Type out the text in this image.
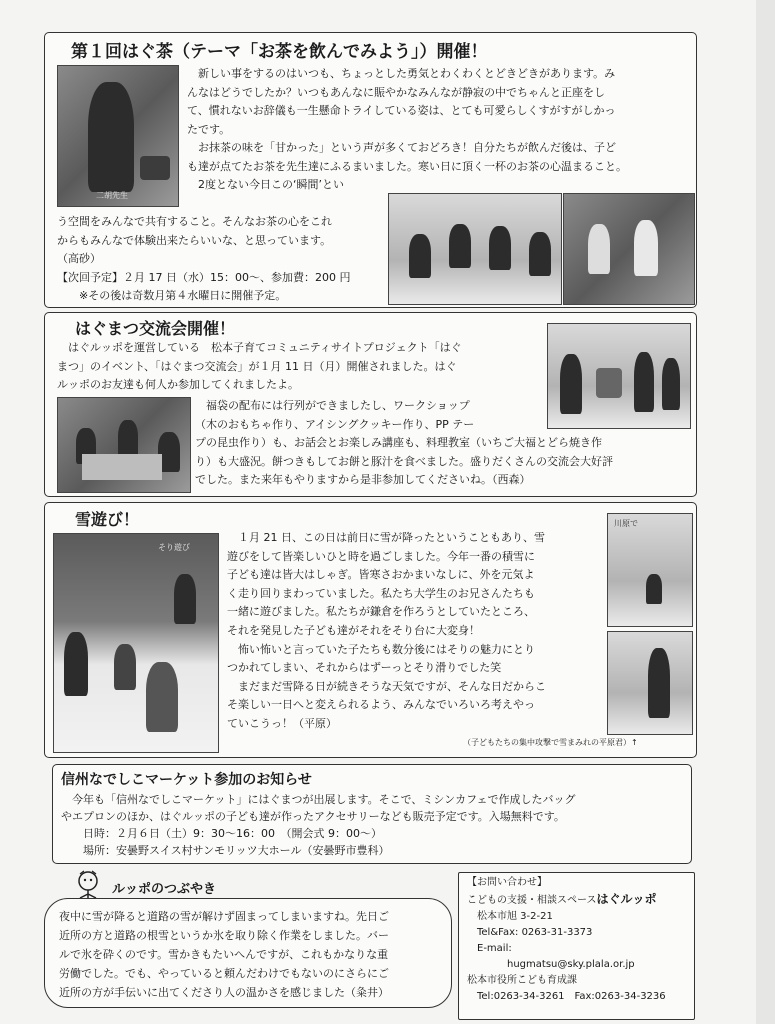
第１回はぐ茶（テーマ「お茶を飲んでみよう」）開催！
二胡先生

新しい事をするのはいつも、ちょっとした勇気とわくわくとどきどきがあります。み

んなはどうでしたか？いつもあんなに賑やかなみんなが静寂の中でちゃんと正座をし

て、慣れないお辞儀も一生懸命トライしている姿は、とても可愛らしくすがすがしかっ

たです。

お抹茶の味を「甘かった」という声が多くておどろき！自分たちが飲んだ後は、子ど

も達が点てたお茶を先生達にふるまいました。寒い日に頂く一杯のお茶の心温まること。

2度とない今日この‘瞬間’とい

う空間をみんなで共有すること。そんなお茶の心をこれ

からもみんなで体験出来たらいいな、と思っています。

（高砂）

【次回予定】２月 17 日（水）15：00～、参加費：200 円

※その後は奇数月第４水曜日に開催予定。

はぐまつ交流会開催！

はぐルッポを運営している　松本子育てコミュニティサイトプロジェクト「はぐ

まつ」のイベント、「はぐまつ交流会」が１月 11 日（月）開催されました。はぐ

ルッポのお友達も何人か参加してくれましたよ。

福袋の配布には行列ができましたし、ワークショップ

（木のおもちゃ作り、アイシングクッキー作り、PP テー

プの昆虫作り）も、お話会とお楽しみ講座も、料理教室（いちご大福とどら焼き作

り）も大盛況。餅つきもしてお餅と豚汁を食べました。盛りだくさんの交流会大好評

でした。また来年もやりますから是非参加してくださいね。（西森）

雪遊び！
そり遊び

１月 21 日、この日は前日に雪が降ったということもあり、雪

遊びをして皆楽しいひと時を過ごしました。今年一番の積雪に

子ども達は皆大はしゃぎ。皆寒さおかまいなしに、外を元気よ

く走り回りまわっていました。私たち大学生のお兄さんたちも

一緒に遊びました。私たちが鎌倉を作ろうとしていたところ、

それを発見した子ども達がそれをそり台に大変身！

怖い怖いと言っていた子たちも数分後にはそりの魅力にとり

つかれてしまい、それからはずーっとそり滑りでした笑

まだまだ雪降る日が続きそうな天気ですが、そんな日だからこ

そ楽しい一日へと変えられるよう、みんなでいろいろ考えやっ

ていこうっ！（平原）

川原で
（子どもたちの集中攻撃で雪まみれの平原君）↑
信州なでしこマーケット参加のお知らせ

今年も「信州なでしこマーケット」にはぐまつが出展します。そこで、ミシンカフェで作成したバッグ

やエプロンのほか、はぐルッポの子ども達が作ったアクセサリーなども販売予定です。入場無料です。

日時：２月６日（土）9：30～16：00　（開会式 9：00～）

場所：安曇野スイス村サンモリッツ大ホール（安曇野市豊科）

ルッポのつぶやき

夜中に雪が降ると道路の雪が解けず固まってしまいますね。先日ご

近所の方と道路の根雪というか氷を取り除く作業をしました。バー

ルで氷を砕くのです。雪かきもたいへんですが、これもかなりな重

労働でした。でも、やっていると頼んだわけでもないのにさらにご

近所の方が手伝いに出てくださり人の温かさを感じました（粂井）

【お問い合わせ】

こどもの支援・相談スペースはぐルッポ

松本市旭 3-2-21

Tel&Fax: 0263-31-3373

E-mail:

hugmatsu@sky.plala.or.jp

松本市役所こども育成課

Tel:0263-34-3261　Fax:0263-34-3236
